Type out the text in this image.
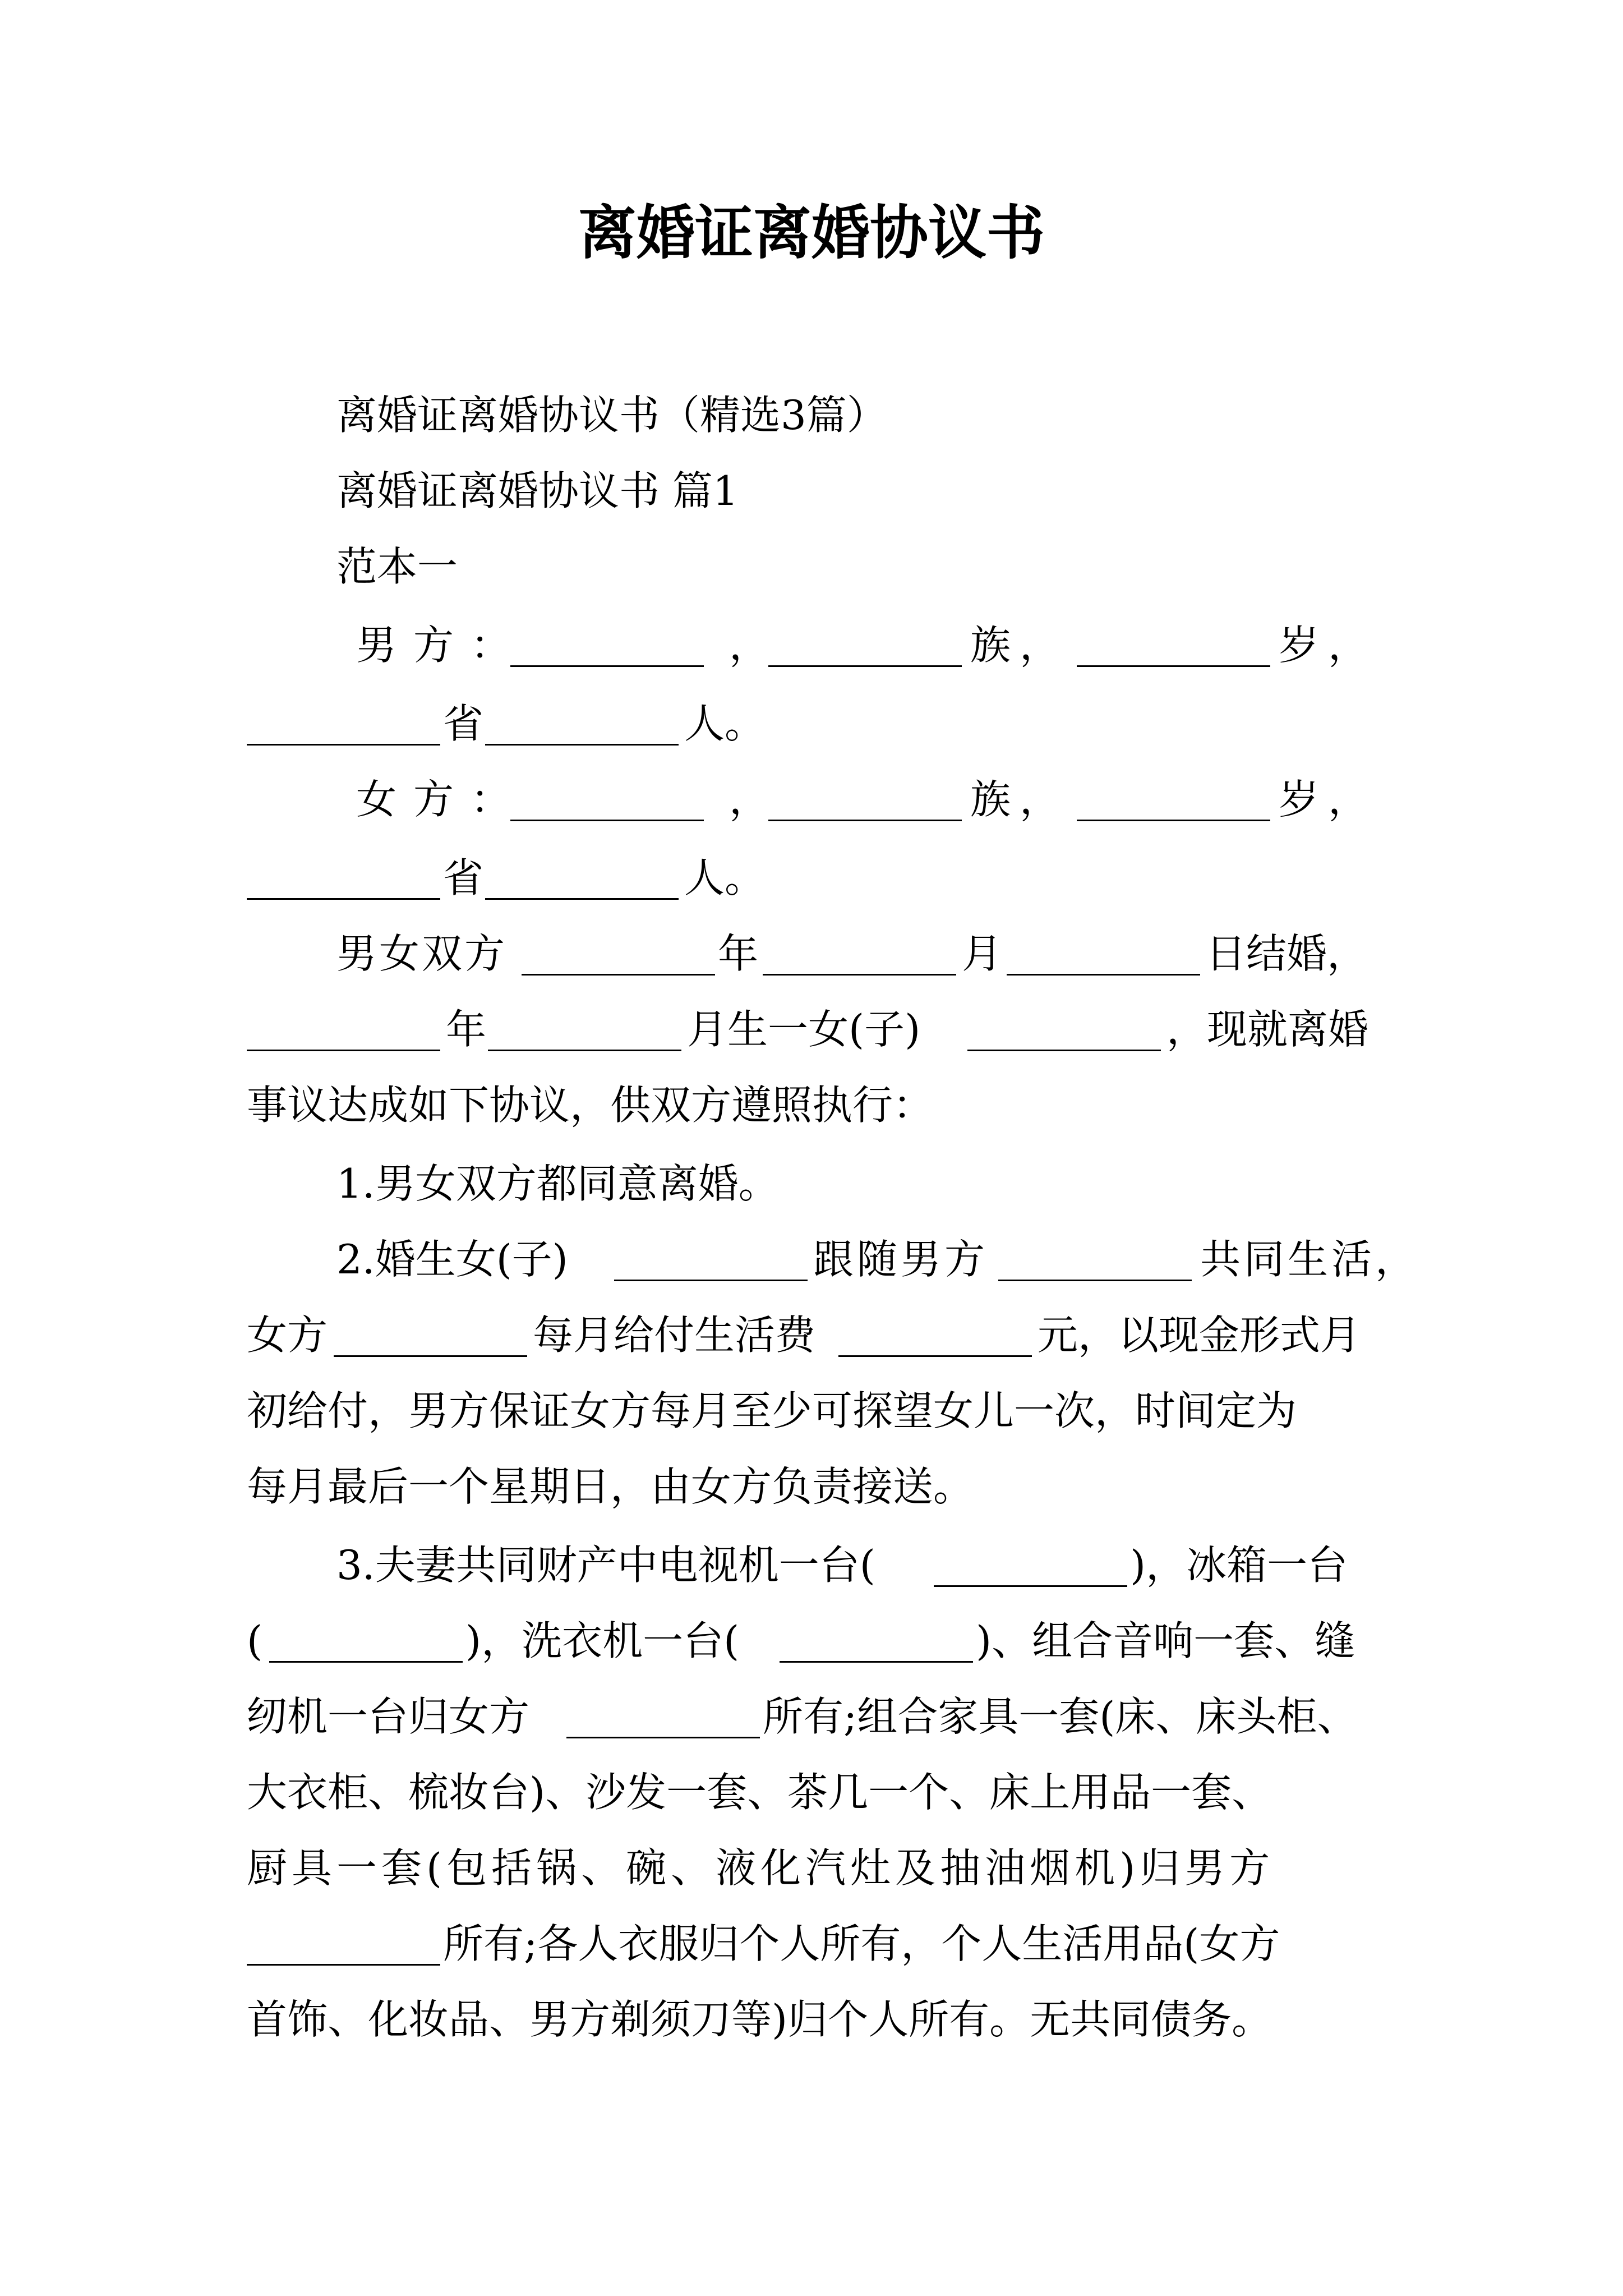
离婚证离婚协议书
离婚证离婚协议书（精选3篇）
离婚证离婚协议书 篇1
范本一
男方：	，	族，	岁，
省	人。
女方：	，	族，	岁，
省	人。
男女双方	年	月	日结婚，
年	月生一女(子)	，现就离婚
事议达成如下协议，供双方遵照执行：
1.男女双方都同意离婚。
2.婚生女(子)	跟随男方	共同生活，
女方	每月给付生活费	元，以现金形式月
初给付，男方保证女方每月至少可探望女儿一次，时间定为
每月最后一个星期日，由女方负责接送。
3.夫妻共同财产中电视机一台(	)，冰箱一台
(	)，洗衣机一台(	)、组合音响一套、缝
纫机一台归女方	所有;组合家具一套(床、床头柜、
大衣柜、梳妆台)、沙发一套、茶几一个、床上用品一套、
厨具一套(包括锅、碗、液化汽灶及抽油烟机)归男方
所有;各人衣服归个人所有，个人生活用品(女方
首饰、化妆品、男方剃须刀等)归个人所有。无共同债务。
